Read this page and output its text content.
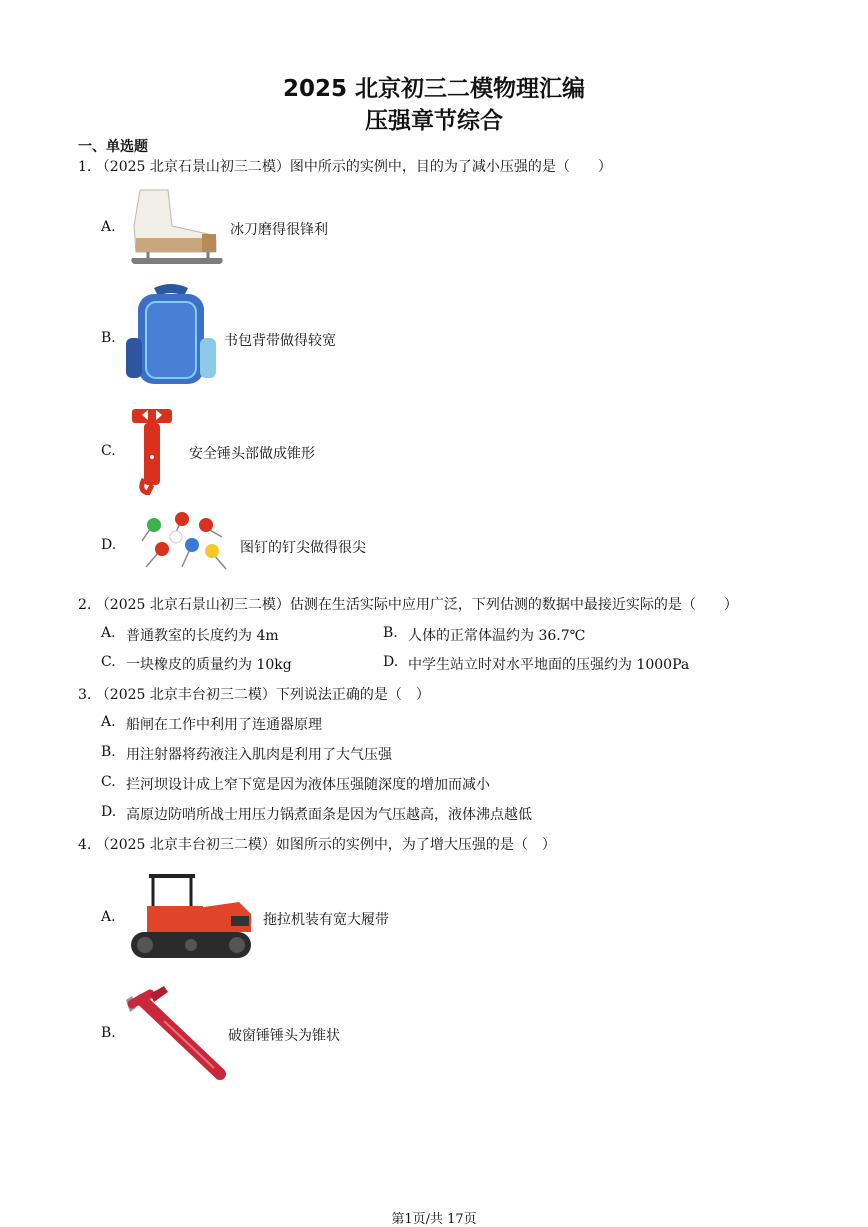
2025 北京初三二模物理汇编
压强章节综合
一、单选题
1. （2025 北京石景山初三二模）图中所示的实例中，目的为了减小压强的是（　　）
A.	冰刀磨得很锋利
B.	书包背带做得较宽
C.	安全锤头部做成锥形
D.	图钉的钉尖做得很尖
2. （2025 北京石景山初三二模）估测在生活实际中应用广泛，下列估测的数据中最接近实际的是（　　）
A. 普通教室的长度约为 4m	B. 人体的正常体温约为 36.7℃
C. 一块橡皮的质量约为 10kg	D. 中学生站立时对水平地面的压强约为 1000Pa
3. （2025 北京丰台初三二模）下列说法正确的是（　）
A. 船闸在工作中利用了连通器原理
B. 用注射器将药液注入肌肉是利用了大气压强
C. 拦河坝设计成上窄下宽是因为液体压强随深度的增加而减小
D. 高原边防哨所战士用压力锅煮面条是因为气压越高，液体沸点越低
4. （2025 北京丰台初三二模）如图所示的实例中，为了增大压强的是（　）
A.	拖拉机装有宽大履带
B.	破窗锤锤头为锥状
第1页/共 17页
